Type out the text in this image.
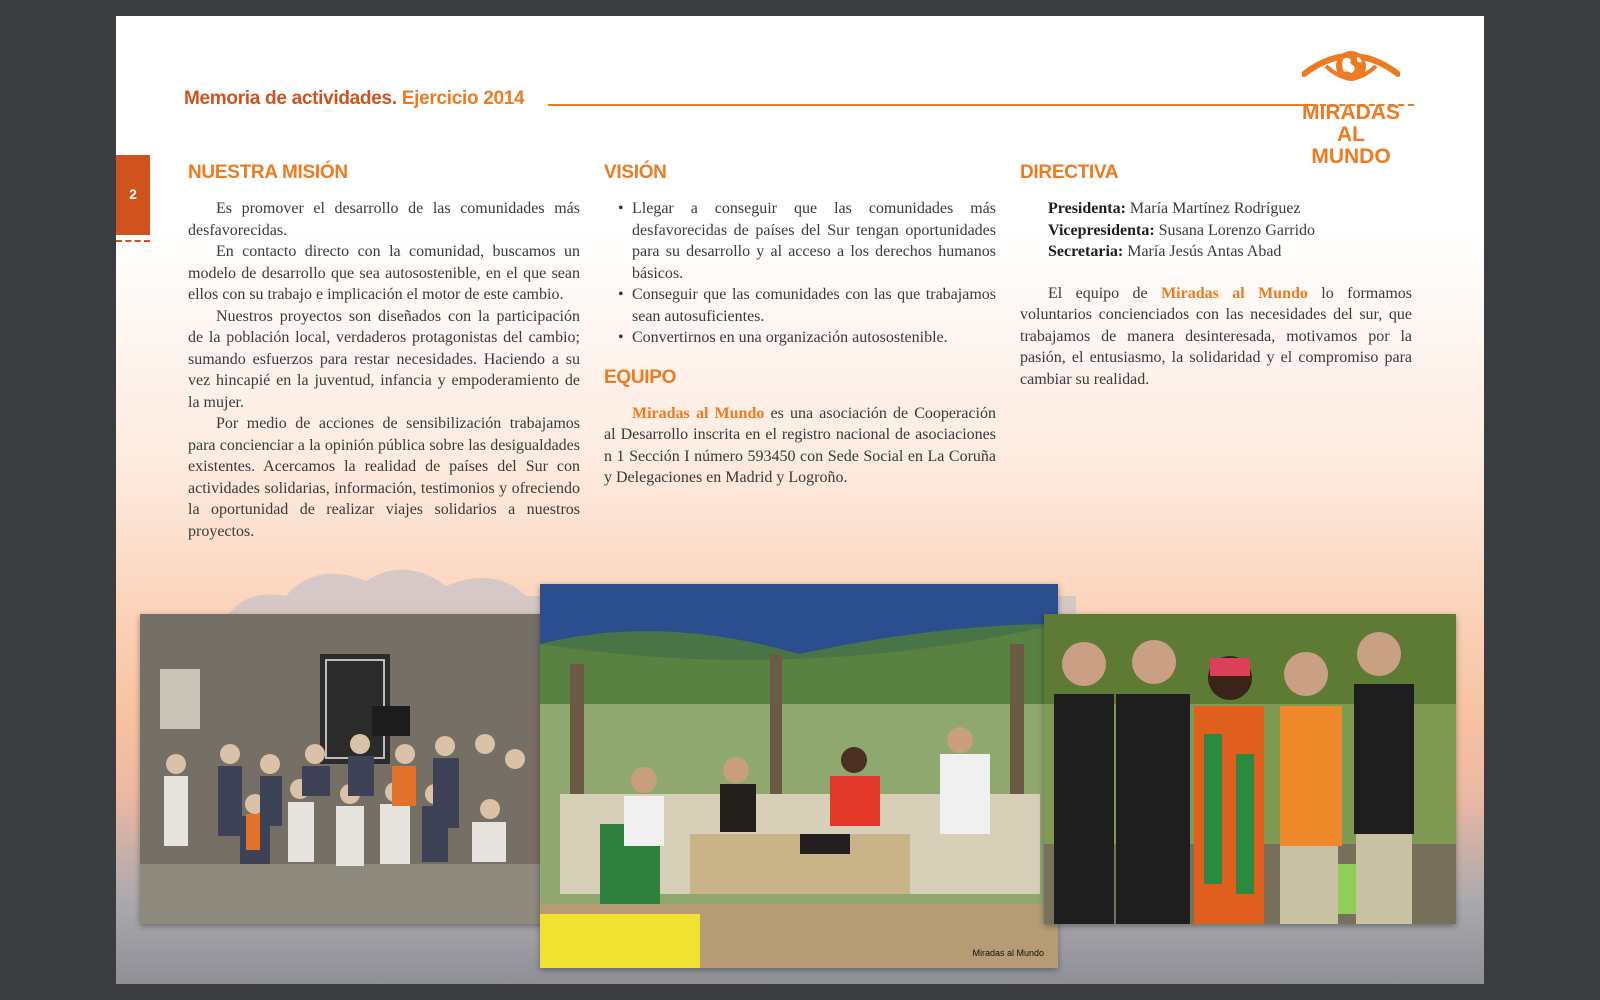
Memoria de actividades. Ejercicio 2014
MIRADAS
AL MUNDO
2
NUESTRA MISIÓN

Es promover el desarrollo de las comunidades más desfavorecidas.

En contacto directo con la comunidad, buscamos un modelo de desarrollo que sea autosostenible, en el que sean ellos con su trabajo e implicación el motor de este cambio.

Nuestros proyectos son diseñados con la participación de la población local, verdaderos protagonistas del cambio; sumando esfuerzos para restar necesidades. Haciendo a su vez hincapié en la juventud, infancia y empoderamiento de la mujer.

Por medio de acciones de sensibilización trabajamos para concienciar a la opinión pública sobre las desigualdades existentes. Acercamos la realidad de países del Sur con actividades solidarias, información, testimonios y ofreciendo la oportunidad de realizar viajes solidarios a nuestros proyectos.

VISIÓN
• Llegar a conseguir que las comunidades más desfavorecidas de países del Sur tengan oportunidades para su desarrollo y al acceso a los derechos humanos básicos.
• Conseguir que las comunidades con las que trabajamos sean autosuficientes.
• Convertirnos en una organización autosostenible.
EQUIPO

Miradas al Mundo es una asociación de Cooperación al Desarrollo inscrita en el registro nacional de asociaciones n 1 Sección I número 593450 con Sede Social en La Coruña y Delegaciones en Madrid y Logroño.

DIRECTIVA
Presidenta: María Martínez Rodríguez
Vicepresidenta: Susana Lorenzo Garrido
Secretaria: María Jesús Antas Abad

El equipo de Miradas al Mundo lo formamos voluntarios concienciados con las necesidades del sur, que trabajamos de manera desinteresada, motivamos por la pasión, el entusiasmo, la solidaridad y el compromiso para cambiar su realidad.

Miradas al Mundo
